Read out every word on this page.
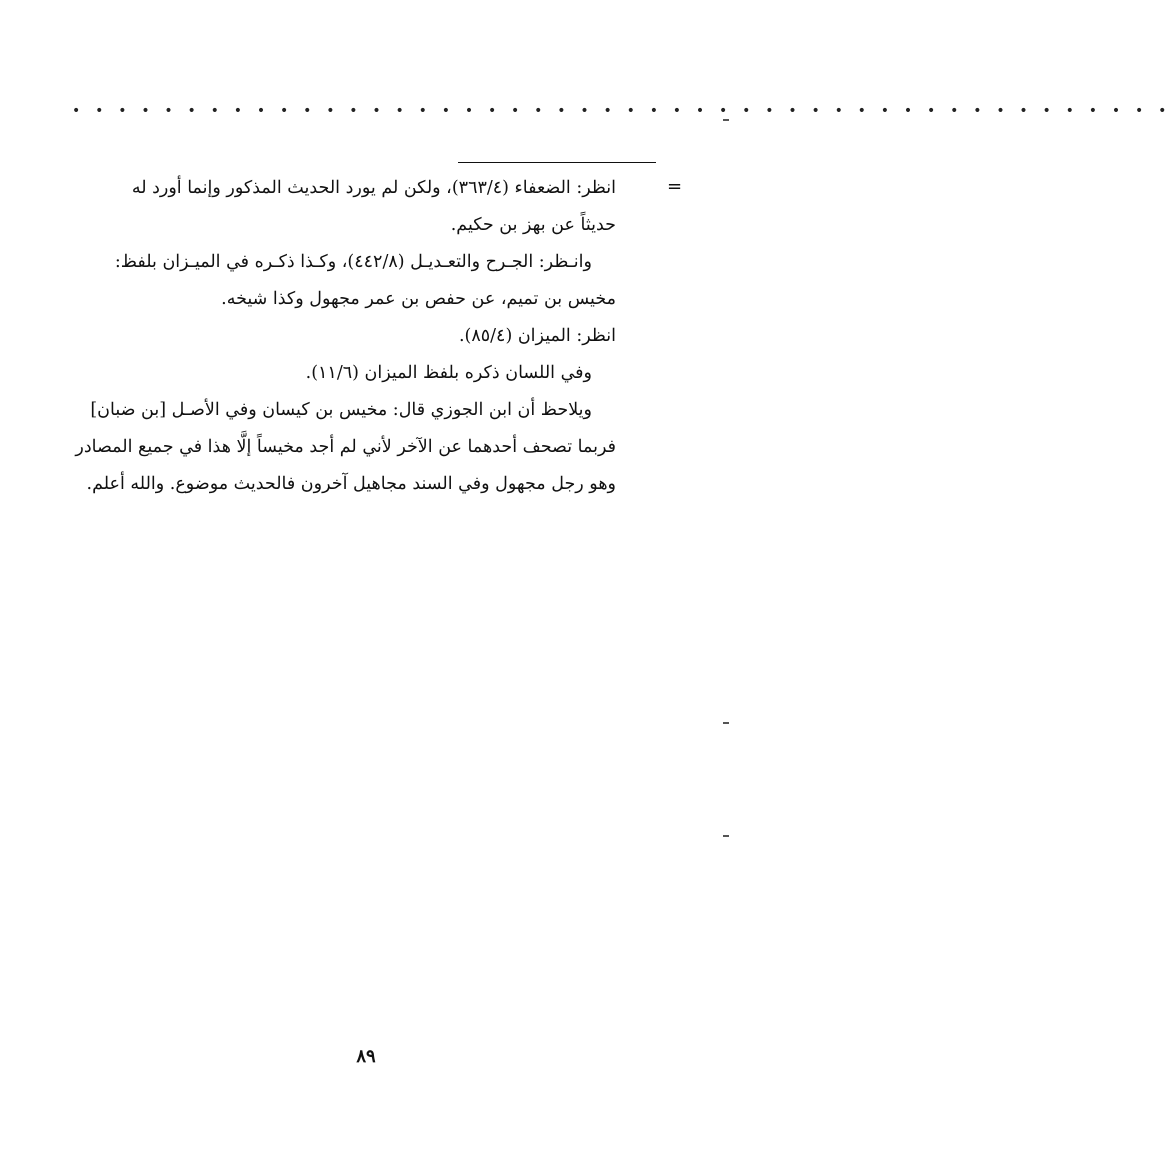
• • • • • • • • • • • • • • • • • • • • • • • • • • • • • • • • • • • • • • • • • • • • • • • •
=
انظر: الضعفاء (٣٦٣/٤)، ولكن لم يورد الحديث المذكور وإنما أورد له
حديثاً عن بهز بن حكيم.
وانـظر: الجـرح والتعـديـل (٤٤٢/٨)، وكـذا ذكـره في الميـزان بلفظ:
مخيس بن تميم، عن حفص بن عمر مجهول وكذا شيخه.
انظر: الميزان (٨٥/٤).
وفي اللسان ذكره بلفظ الميزان (١١/٦).
ويلاحظ أن ابن الجوزي قال: مخيس بن كيسان وفي الأصـل [بن ضبان]
فربما تصحف أحدهما عن الآخر لأني لم أجد مخيساً إلَّا هذا في جميع المصادر
وهو رجل مجهول وفي السند مجاهيل آخرون فالحديث موضوع. والله أعلم.
٨٩
